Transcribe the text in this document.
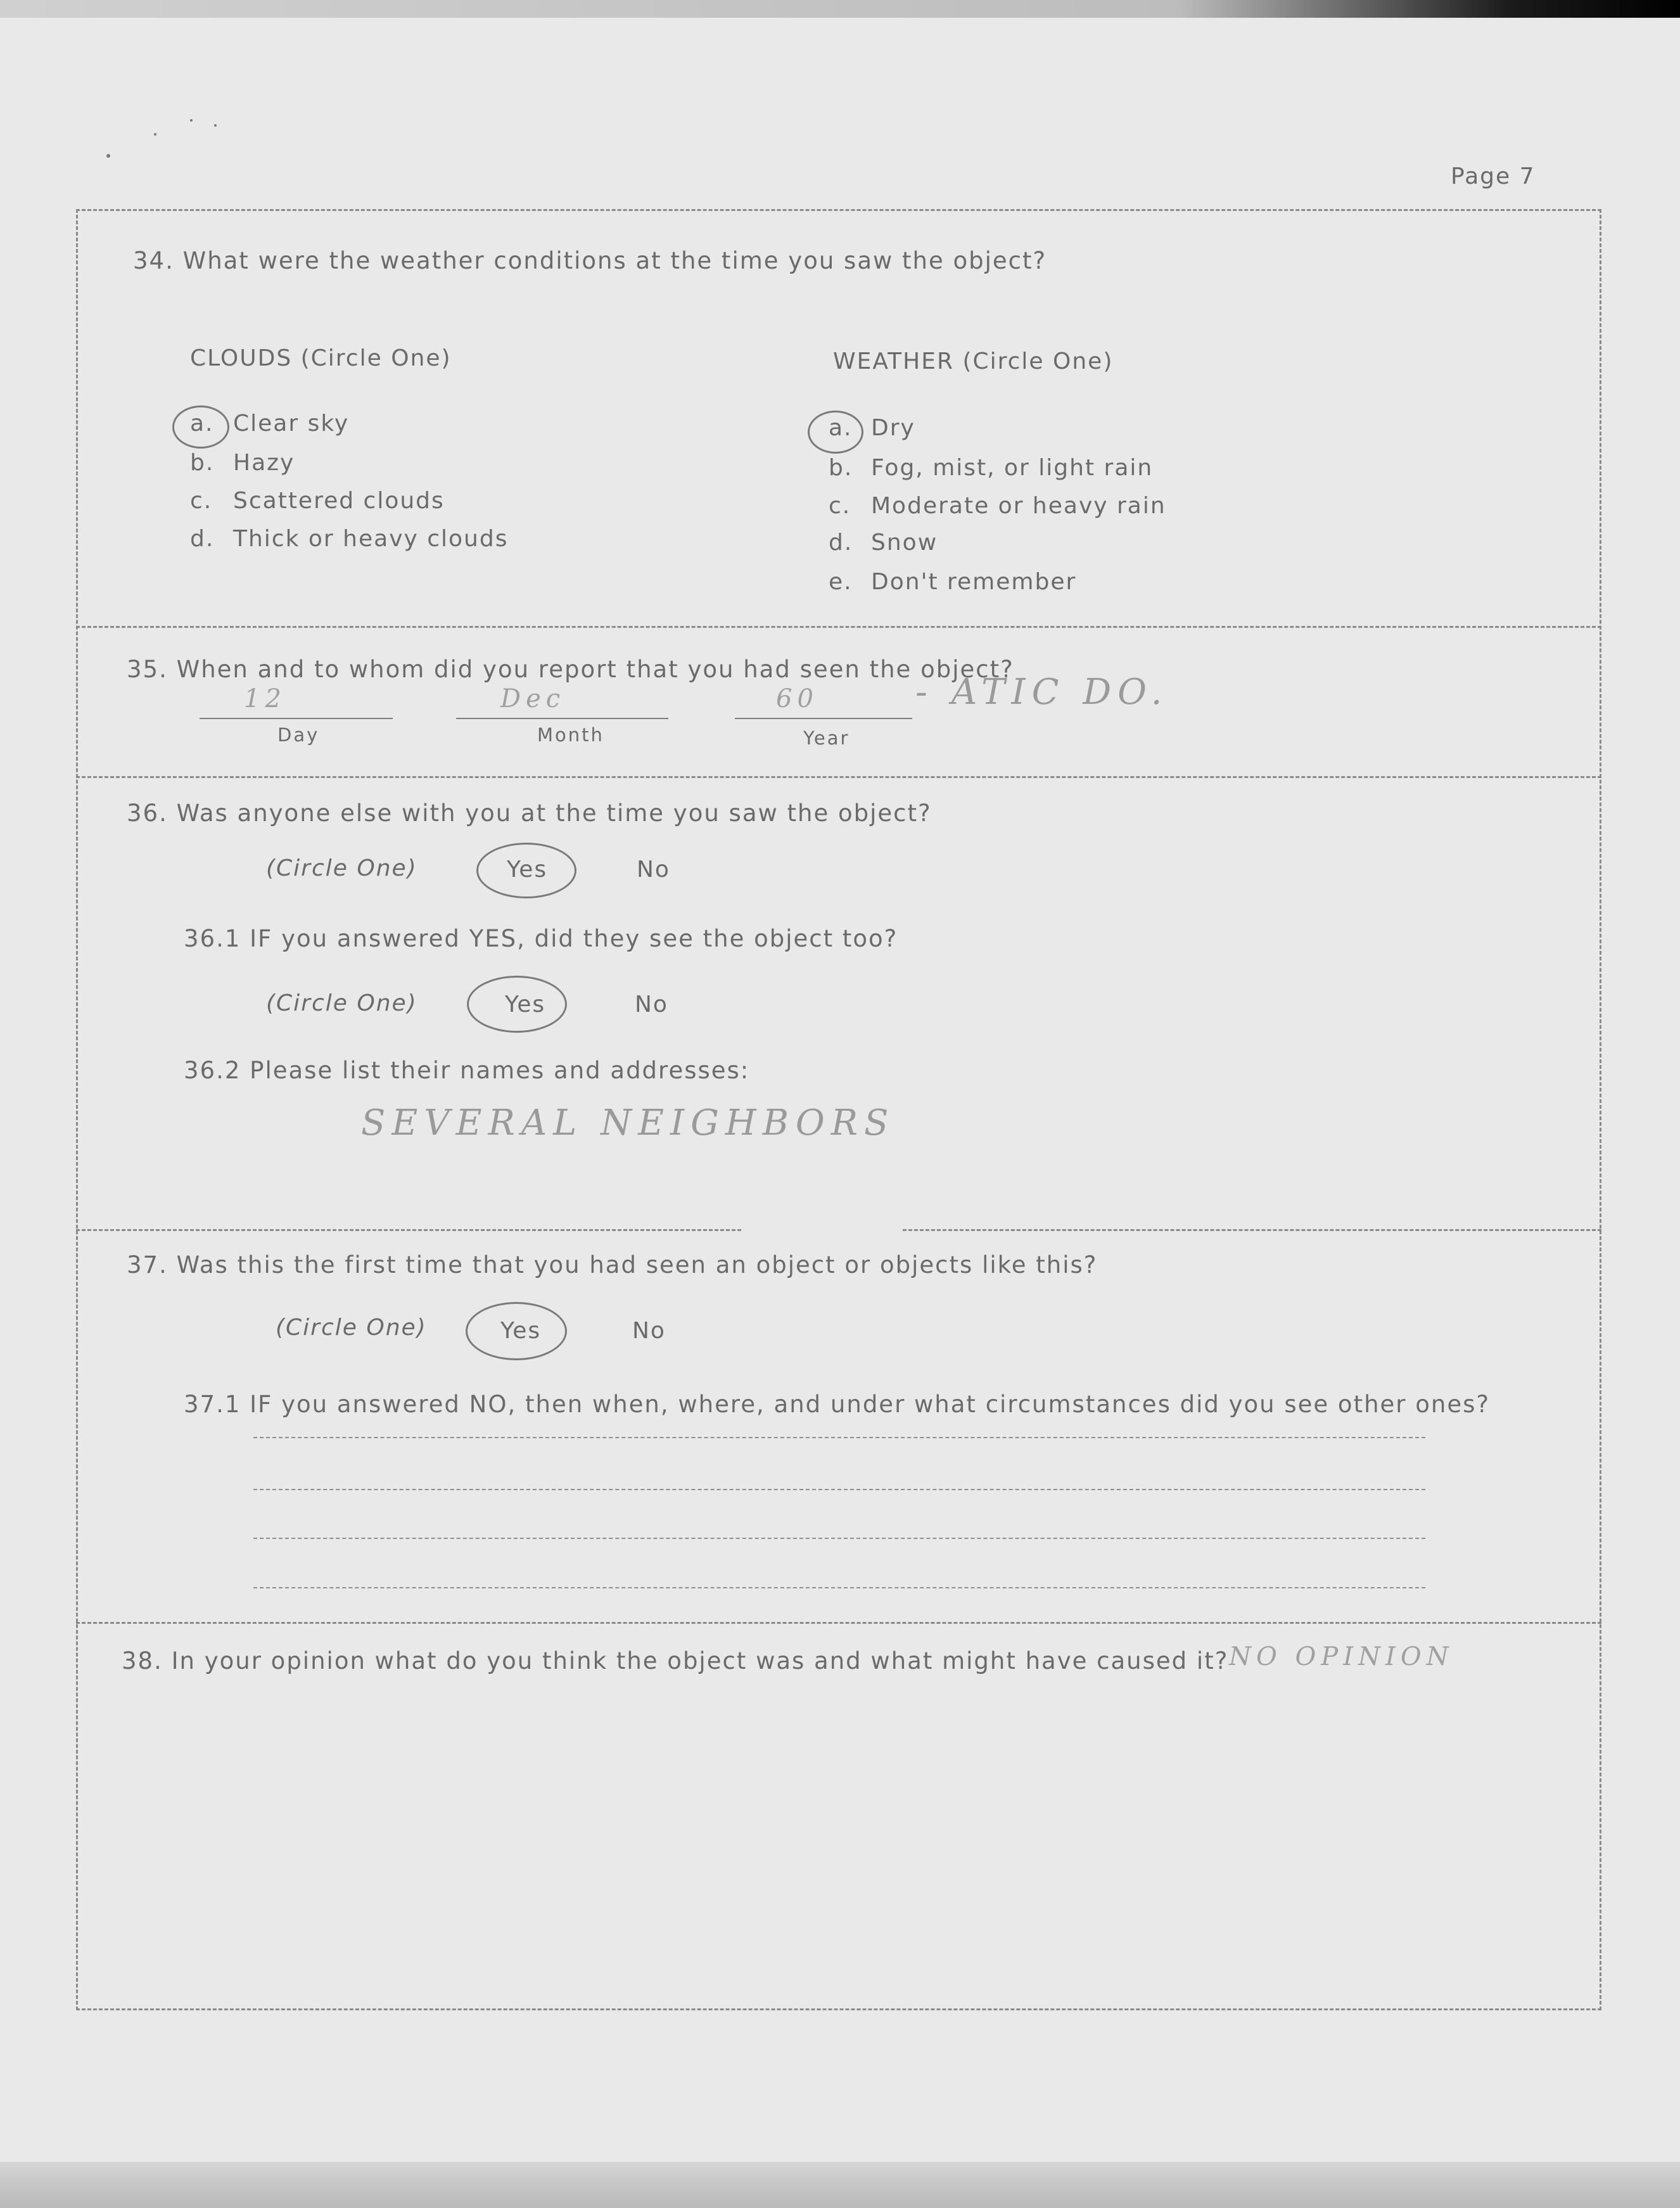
Page 7
34. What were the weather conditions at the time you saw the object?
CLOUDS (Circle One)	WEATHER (Circle One)
a. Clear sky
b. Hazy
c. Scattered clouds
d. Thick or heavy clouds
a. Dry
b. Fog, mist, or light rain
c. Moderate or heavy rain
d. Snow
e. Don't remember
35. When and to whom did you report that you had seen the object?
12	Dec	60	- ATIC DO.
Day	Month	Year
36. Was anyone else with you at the time you saw the object?
(Circle One)	Yes	No
36.1 IF you answered YES, did they see the object too?
(Circle One)	Yes	No
36.2 Please list their names and addresses:
SEVERAL NEIGHBORS
37. Was this the first time that you had seen an object or objects like this?
(Circle One)	Yes	No
37.1 IF you answered NO, then when, where, and under what circumstances did you see other ones?
38. In your opinion what do you think the object was and what might have caused it? NO OPINION
